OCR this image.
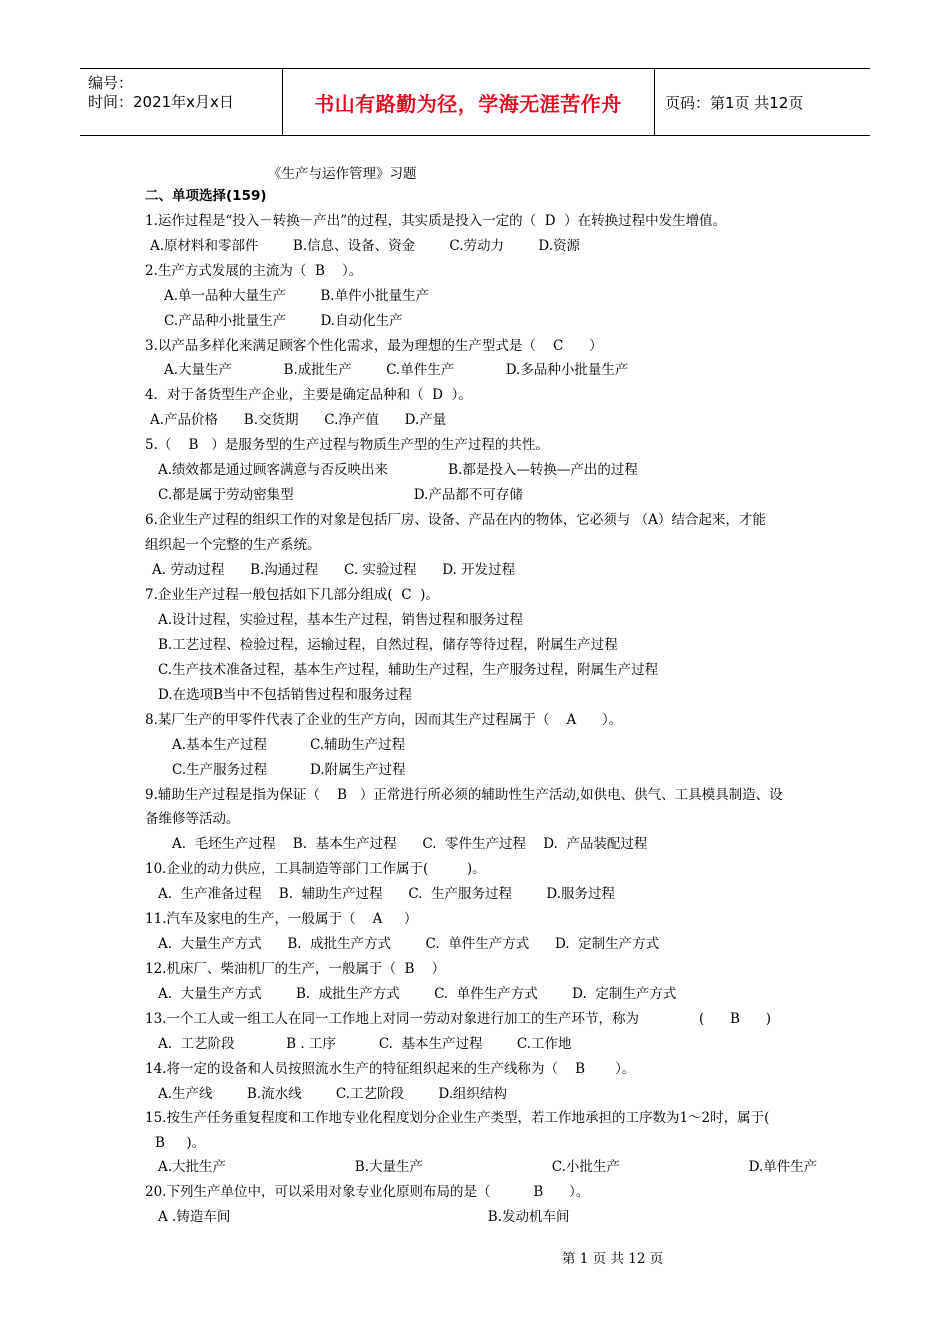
编号：
时间：2021年x月x日	书山有路勤为径，学海无涯苦作舟	页码：第1页 共12页
《生产与运作管理》习题
二、单项选择(159)
1.运作过程是“投入－转换－产出”的过程，其实质是投入一定的（  D  ）在转换过程中发生增值。
A.原材料和零部件        B.信息、设备、资金        C.劳动力        D.资源
2.生产方式发展的主流为（  B    ）。
A.单一品种大量生产        B.单件小批量生产
C.产品种小批量生产        D.自动化生产
3.以产品多样化来满足顾客个性化需求，最为理想的生产型式是（    C      ）
A.大量生产            B.成批生产        C.单件生产            D.多品种小批量生产
4．对于备货型生产企业，主要是确定品种和（  D  ）。
A.产品价格      B.交货期      C.净产值      D.产量
5.（    B   ）是服务型的生产过程与物质生产型的生产过程的共性。
A.绩效都是通过顾客满意与否反映出来              B.都是投入—转换—产出的过程
C.都是属于劳动密集型                            D.产品都不可存储
6.企业生产过程的组织工作的对象是包括厂房、设备、产品在内的物体，它必须与 （A）结合起来，才能
组织起一个完整的生产系统。
A. 劳动过程      B.沟通过程      C. 实验过程      D. 开发过程
7.企业生产过程一般包括如下几部分组成(  C  )。
A.设计过程，实验过程，基本生产过程，销售过程和服务过程
B.工艺过程、检验过程，运输过程，自然过程，储存等待过程，附属生产过程
C.生产技术准备过程，基本生产过程，辅助生产过程，生产服务过程，附属生产过程
D.在选项B当中不包括销售过程和服务过程
8.某厂生产的甲零件代表了企业的生产方向，因而其生产过程属于（    A      ）。
A.基本生产过程          C.辅助生产过程
C.生产服务过程          D.附属生产过程
9.辅助生产过程是指为保证（    B   ）正常进行所必须的辅助性生产活动,如供电、供气、工具模具制造、设
备维修等活动。
A.  毛坯生产过程    B.  基本生产过程      C.  零件生产过程    D.  产品装配过程
10.企业的动力供应，工具制造等部门工作属于(         )。
A.  生产准备过程    B.  辅助生产过程      C.  生产服务过程        D.服务过程
11.汽车及家电的生产，一般属于（    A     ）
A.  大量生产方式      B.  成批生产方式        C.  单件生产方式      D.  定制生产方式
12.机床厂、柴油机厂的生产，一般属于（  B    ）
A.  大量生产方式        B.  成批生产方式        C.  单件生产方式        D.  定制生产方式
13.一个工人或一组工人在同一工作地上对同一劳动对象进行加工的生产环节，称为              (      B      )
A.  工艺阶段            B . 工序          C.  基本生产过程        C.工作地
14.将一定的设备和人员按照流水生产的特征组织起来的生产线称为（    B       ）。
A.生产线        B.流水线        C.工艺阶段        D.组织结构
15.按生产任务重复程度和工作地专业化程度划分企业生产类型，若工作地承担的工序数为1～2时，属于(
B     )。
A.大批生产                              B.大量生产                              C.小批生产                              D.单件生产
20.下列生产单位中，可以采用对象专业化原则布局的是（          B      ）。
A .铸造车间                                                            B.发动机车间
第 1 页 共 12 页
